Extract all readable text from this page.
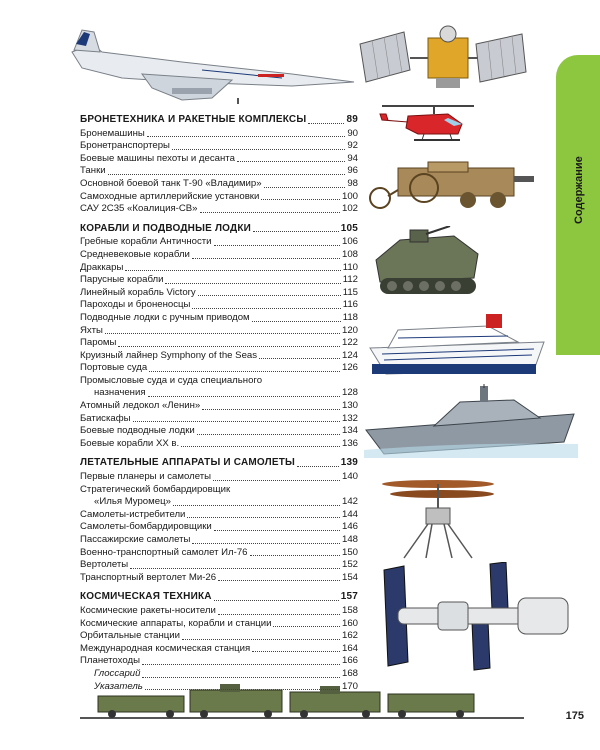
Содержание
БРОНЕТЕХНИКА И РАКЕТНЫЕ КОМПЛЕКСЫ	89
Бронемашины	90
Бронетранспортеры	92
Боевые машины пехоты и десанта	94
Танки	96
Основной боевой танк Т-90 «Владимир»	98
Самоходные артиллерийские установки	100
САУ 2С35 «Коалиция-СВ»	102
КОРАБЛИ И ПОДВОДНЫЕ ЛОДКИ	105
Гребные корабли Античности	106
Средневековые корабли	108
Драккары	110
Парусные корабли	112
Линейный корабль Victory	115
Пароходы и броненосцы	116
Подводные лодки с ручным приводом	118
Яхты	120
Паромы	122
Круизный лайнер Symphony of the Seas	124
Портовые суда	126
Промысловые суда и суда специального
назначения	128
Атомный ледокол «Ленин»	130
Батискафы	132
Боевые подводные лодки	134
Боевые корабли XX в.	136
ЛЕТАТЕЛЬНЫЕ АППАРАТЫ И САМОЛЕТЫ	139
Первые планеры и самолеты	140
Стратегический бомбардировщик
«Илья Муромец»	142
Самолеты-истребители	144
Самолеты-бомбардировщики	146
Пассажирские самолеты	148
Военно-транспортный самолет Ил-76	150
Вертолеты	152
Транспортный вертолет Ми-26	154
КОСМИЧЕСКАЯ ТЕХНИКА	157
Космические ракеты-носители	158
Космические аппараты, корабли и станции	160
Орбитальные станции	162
Международная космическая станция	164
Планетоходы	166
Глоссарий	168
Указатель	170
175
